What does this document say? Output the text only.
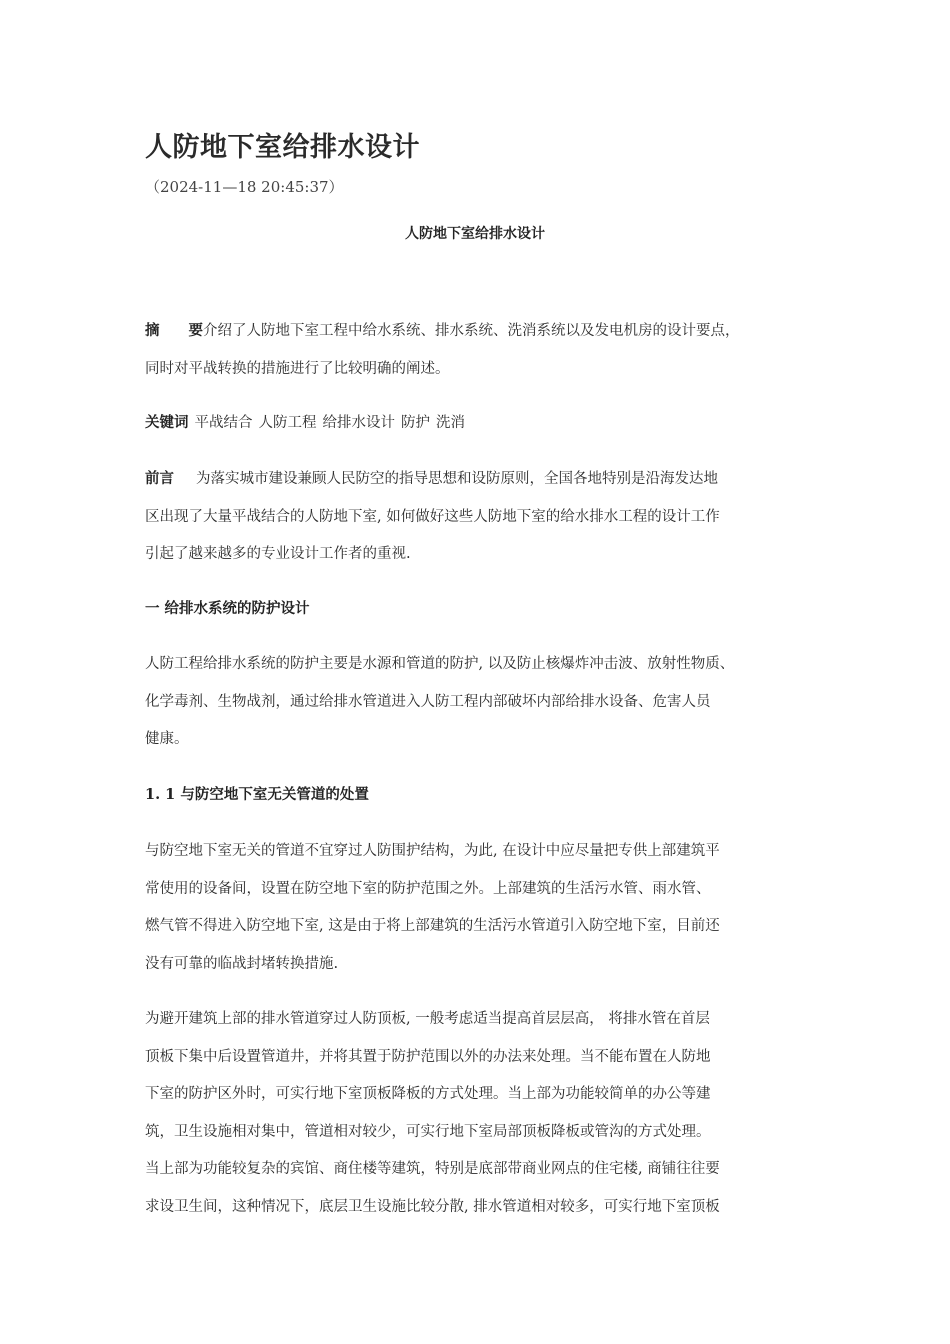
人防地下室给排水设计
（2024-11—18 20:45:37）
人防地下室给排水设计
摘　　要介绍了人防地下室工程中给水系统、排水系统、洗消系统以及发电机房的设计要点，
同时对平战转换的措施进行了比较明确的阐述。
关键词 平战结合 人防工程 给排水设计 防护 洗消
前言 为落实城市建设兼顾人民防空的指导思想和设防原则，全国各地特别是沿海发达地
区出现了大量平战结合的人防地下室, 如何做好这些人防地下室的给水排水工程的设计工作
引起了越来越多的专业设计工作者的重视.
一 给排水系统的防护设计
人防工程给排水系统的防护主要是水源和管道的防护, 以及防止核爆炸冲击波、放射性物质、
化学毒剂、生物战剂，通过给排水管道进入人防工程内部破坏内部给排水设备、危害人员
健康。
1. 1 与防空地下室无关管道的处置
与防空地下室无关的管道不宜穿过人防围护结构，为此, 在设计中应尽量把专供上部建筑平
常使用的设备间，设置在防空地下室的防护范围之外。上部建筑的生活污水管、雨水管、
燃气管不得进入防空地下室, 这是由于将上部建筑的生活污水管道引入防空地下室，目前还
没有可靠的临战封堵转换措施.
为避开建筑上部的排水管道穿过人防顶板, 一般考虑适当提高首层层高， 将排水管在首层
顶板下集中后设置管道井，并将其置于防护范围以外的办法来处理。当不能布置在人防地
下室的防护区外时，可实行地下室顶板降板的方式处理。当上部为功能较简单的办公等建
筑，卫生设施相对集中，管道相对较少，可实行地下室局部顶板降板或管沟的方式处理。
当上部为功能较复杂的宾馆、商住楼等建筑，特别是底部带商业网点的住宅楼, 商铺往往要
求设卫生间，这种情况下，底层卫生设施比较分散, 排水管道相对较多，可实行地下室顶板
